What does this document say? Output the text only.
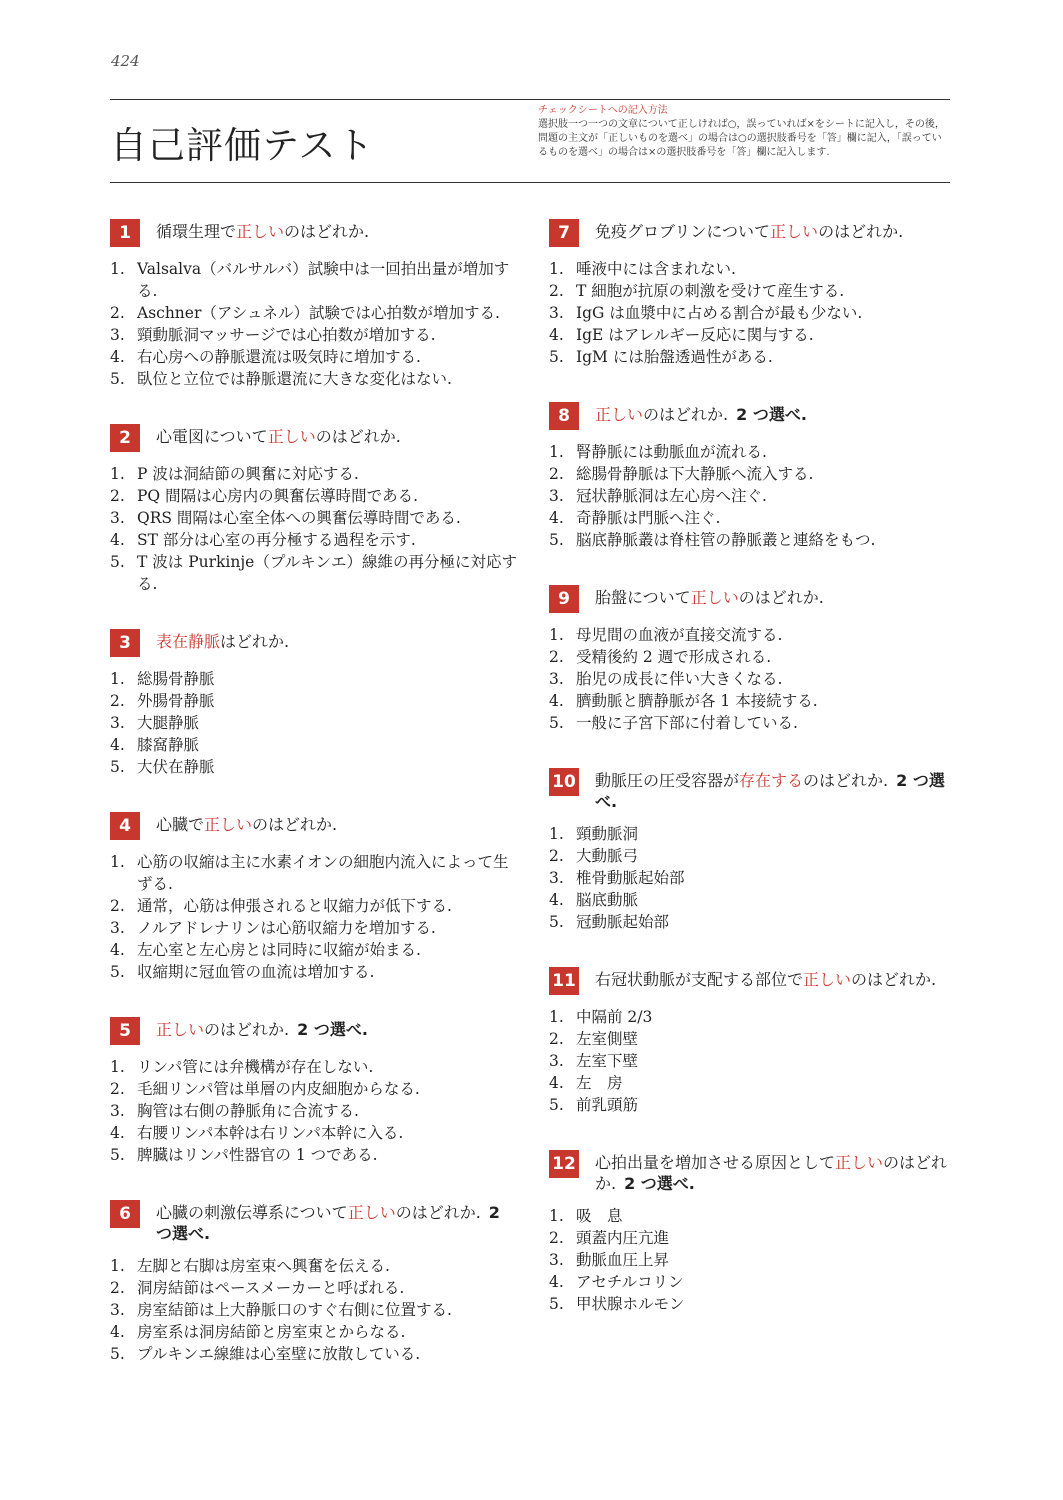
424
自己評価テスト
チェックシートへの記入方法
選択肢一つ一つの文章について正しければ○，誤っていれば×をシートに記入し，その後，問題の主文が「正しいものを選べ」の場合は○の選択肢番号を「答」欄に記入，「誤っているものを選べ」の場合は×の選択肢番号を「答」欄に記入します.
1	循環生理で正しいのはどれか.
1. Valsalva（バルサルバ）試験中は一回拍出量が増加する.
2. Aschner（アシュネル）試験では心拍数が増加する.
3. 頸動脈洞マッサージでは心拍数が増加する.
4. 右心房への静脈還流は吸気時に増加する.
5. 臥位と立位では静脈還流に大きな変化はない.
2	心電図について正しいのはどれか.
1. P 波は洞結節の興奮に対応する.
2. PQ 間隔は心房内の興奮伝導時間である.
3. QRS 間隔は心室全体への興奮伝導時間である.
4. ST 部分は心室の再分極する過程を示す.
5. T 波は Purkinje（プルキンエ）線維の再分極に対応する.
3	表在静脈はどれか.
1. 総腸骨静脈
2. 外腸骨静脈
3. 大腿静脈
4. 膝窩静脈
5. 大伏在静脈
4	心臓で正しいのはどれか.
1. 心筋の収縮は主に水素イオンの細胞内流入によって生ずる.
2. 通常，心筋は伸張されると収縮力が低下する.
3. ノルアドレナリンは心筋収縮力を増加する.
4. 左心室と左心房とは同時に収縮が始まる.
5. 収縮期に冠血管の血流は増加する.
5	正しいのはどれか.  2 つ選べ.
1. リンパ管には弁機構が存在しない.
2. 毛細リンパ管は単層の内皮細胞からなる.
3. 胸管は右側の静脈角に合流する.
4. 右腰リンパ本幹は右リンパ本幹に入る.
5. 脾臓はリンパ性器官の 1 つである.
6	心臓の刺激伝導系について正しいのはどれか.  2 つ選べ.
1. 左脚と右脚は房室束へ興奮を伝える.
2. 洞房結節はペースメーカーと呼ばれる.
3. 房室結節は上大静脈口のすぐ右側に位置する.
4. 房室系は洞房結節と房室束とからなる.
5. プルキンエ線維は心室壁に放散している.
7	免疫グロブリンについて正しいのはどれか.
1. 唾液中には含まれない.
2. T 細胞が抗原の刺激を受けて産生する.
3. IgG は血漿中に占める割合が最も少ない.
4. IgE はアレルギー反応に関与する.
5. IgM には胎盤透過性がある.
8	正しいのはどれか.  2 つ選べ.
1. 腎静脈には動脈血が流れる.
2. 総腸骨静脈は下大静脈へ流入する.
3. 冠状静脈洞は左心房へ注ぐ.
4. 奇静脈は門脈へ注ぐ.
5. 脳底静脈叢は脊柱管の静脈叢と連絡をもつ.
9	胎盤について正しいのはどれか.
1. 母児間の血液が直接交流する.
2. 受精後約 2 週で形成される.
3. 胎児の成長に伴い大きくなる.
4. 臍動脈と臍静脈が各 1 本接続する.
5. 一般に子宮下部に付着している.
10 動脈圧の圧受容器が存在するのはどれか.  2 つ選べ.
1. 頸動脈洞
2. 大動脈弓
3. 椎骨動脈起始部
4. 脳底動脈
5. 冠動脈起始部
11 右冠状動脈が支配する部位で正しいのはどれか.
1. 中隔前 2/3
2. 左室側壁
3. 左室下壁
4. 左　房
5. 前乳頭筋
12 心拍出量を増加させる原因として正しいのはどれか.  2 つ選べ.
1. 吸　息
2. 頭蓋内圧亢進
3. 動脈血圧上昇
4. アセチルコリン
5. 甲状腺ホルモン
